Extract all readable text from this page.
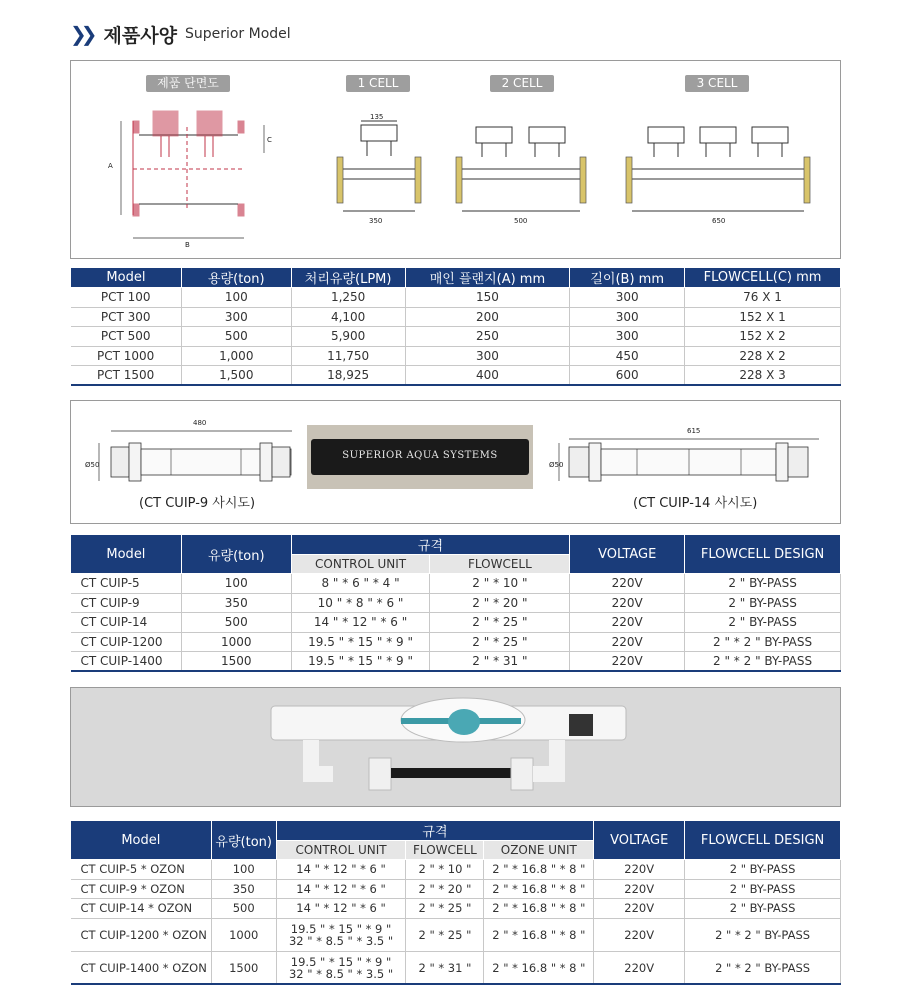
❯❯ 제품사양 Superior Model
제품 단면도	1 CELL	2 CELL	3 CELL
A
B
C
135
350	500	650
Model	용량(ton)	처리유량(LPM)	매인 플랜지(A) mm	길이(B) mm	FLOWCELL(C) mm
PCT 100	100	1,250	150	300	76 X 1
PCT 300	300	4,100	200	300	152 X 1
PCT 500	500	5,900	250	300	152 X 2
PCT 1000	1,000	11,750	300	450	228 X 2
PCT 1500	1,500	18,925	400	600	228 X 3
480
Ø50
(CT CUIP-9 사시도)
SUPERIOR AQUA SYSTEMS
615
Ø50
(CT CUIP-14 사시도)
Model	유량(ton)	규격		VOLTAGE	FLOWCELL DESIGN
		CONTROL UNIT	FLOWCELL		
CT CUIP-5	100	8 " * 6 " * 4 "	2 " * 10 "	220V	2 " BY-PASS
CT CUIP-9	350	10 " * 8 " * 6 "	2 " * 20 "	220V	2 " BY-PASS
CT CUIP-14	500	14 " * 12 " * 6 "	2 " * 25 "	220V	2 " BY-PASS
CT CUIP-1200	1000	19.5 " * 15 " * 9 "	2 " * 25 "	220V	2 " * 2 " BY-PASS
CT CUIP-1400	1500	19.5 " * 15 " * 9 "	2 " * 31 "	220V	2 " * 2 " BY-PASS
Model	유량(ton)	규격			VOLTAGE	FLOWCELL DESIGN
		CONTROL UNIT	FLOWCELL	OZONE UNIT		
CT CUIP-5 * OZON	100	14 " * 12 " * 6 "	2 " * 10 "	2 " * 16.8 " * 8 "	220V	2 " BY-PASS
CT CUIP-9 * OZON	350	14 " * 12 " * 6 "	2 " * 20 "	2 " * 16.8 " * 8 "	220V	2 " BY-PASS
CT CUIP-14 * OZON	500	14 " * 12 " * 6 "	2 " * 25 "	2 " * 16.8 " * 8 "	220V	2 " BY-PASS
CT CUIP-1200 * OZON	1000	19.5 " * 15 " * 9 "
32 " * 8.5 " * 3.5 "	2 " * 25 "	2 " * 16.8 " * 8 "	220V	2 " * 2 " BY-PASS
CT CUIP-1400 * OZON	1500	19.5 " * 15 " * 9 "
32 " * 8.5 " * 3.5 "	2 " * 31 "	2 " * 16.8 " * 8 "	220V	2 " * 2 " BY-PASS
